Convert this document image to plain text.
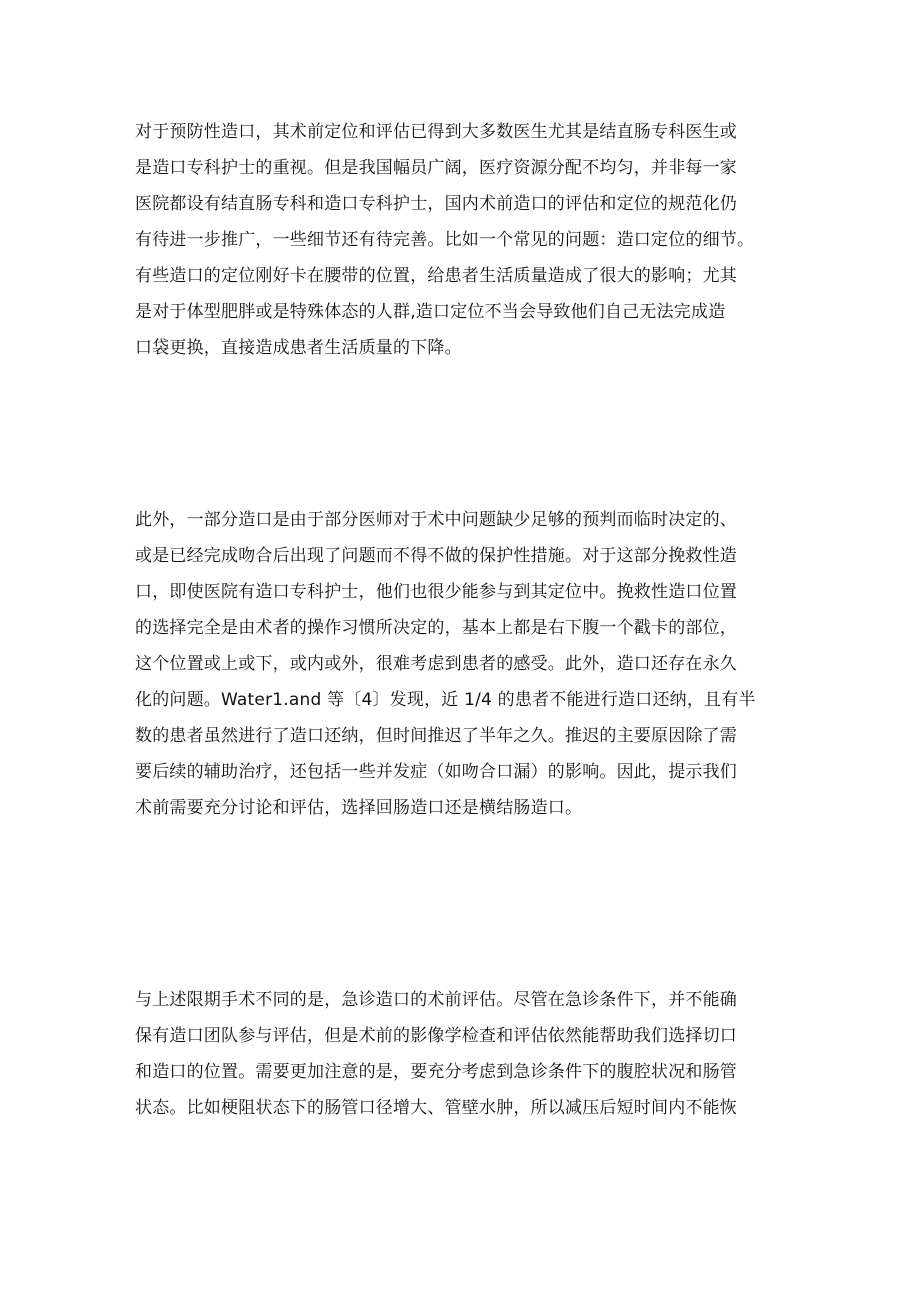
对于预防性造口，其术前定位和评估已得到大多数医生尤其是结直肠专科医生或
是造口专科护士的重视。但是我国幅员广阔，医疗资源分配不均匀，并非每一家
医院都设有结直肠专科和造口专科护士，国内术前造口的评估和定位的规范化仍
有待进一步推广，一些细节还有待完善。比如一个常见的问题：造口定位的细节。
有些造口的定位刚好卡在腰带的位置，给患者生活质量造成了很大的影响；尤其
是对于体型肥胖或是特殊体态的人群,造口定位不当会导致他们自己无法完成造
口袋更换，直接造成患者生活质量的下降。
此外，一部分造口是由于部分医师对于术中问题缺少足够的预判而临时决定的、
或是已经完成吻合后出现了问题而不得不做的保护性措施。对于这部分挽救性造
口，即使医院有造口专科护士，他们也很少能参与到其定位中。挽救性造口位置
的选择完全是由术者的操作习惯所决定的，基本上都是右下腹一个戳卡的部位，
这个位置或上或下，或内或外，很难考虑到患者的感受。此外，造口还存在永久
化的问题。Water1.and 等〔4〕发现，近 1/4 的患者不能进行造口还纳，且有半
数的患者虽然进行了造口还纳，但时间推迟了半年之久。推迟的主要原因除了需
要后续的辅助治疗，还包括一些并发症（如吻合口漏）的影响。因此，提示我们
术前需要充分讨论和评估，选择回肠造口还是横结肠造口。
与上述限期手术不同的是，急诊造口的术前评估。尽管在急诊条件下，并不能确
保有造口团队参与评估，但是术前的影像学检查和评估依然能帮助我们选择切口
和造口的位置。需要更加注意的是，要充分考虑到急诊条件下的腹腔状况和肠管
状态。比如梗阻状态下的肠管口径增大、管壁水肿，所以减压后短时间内不能恢
